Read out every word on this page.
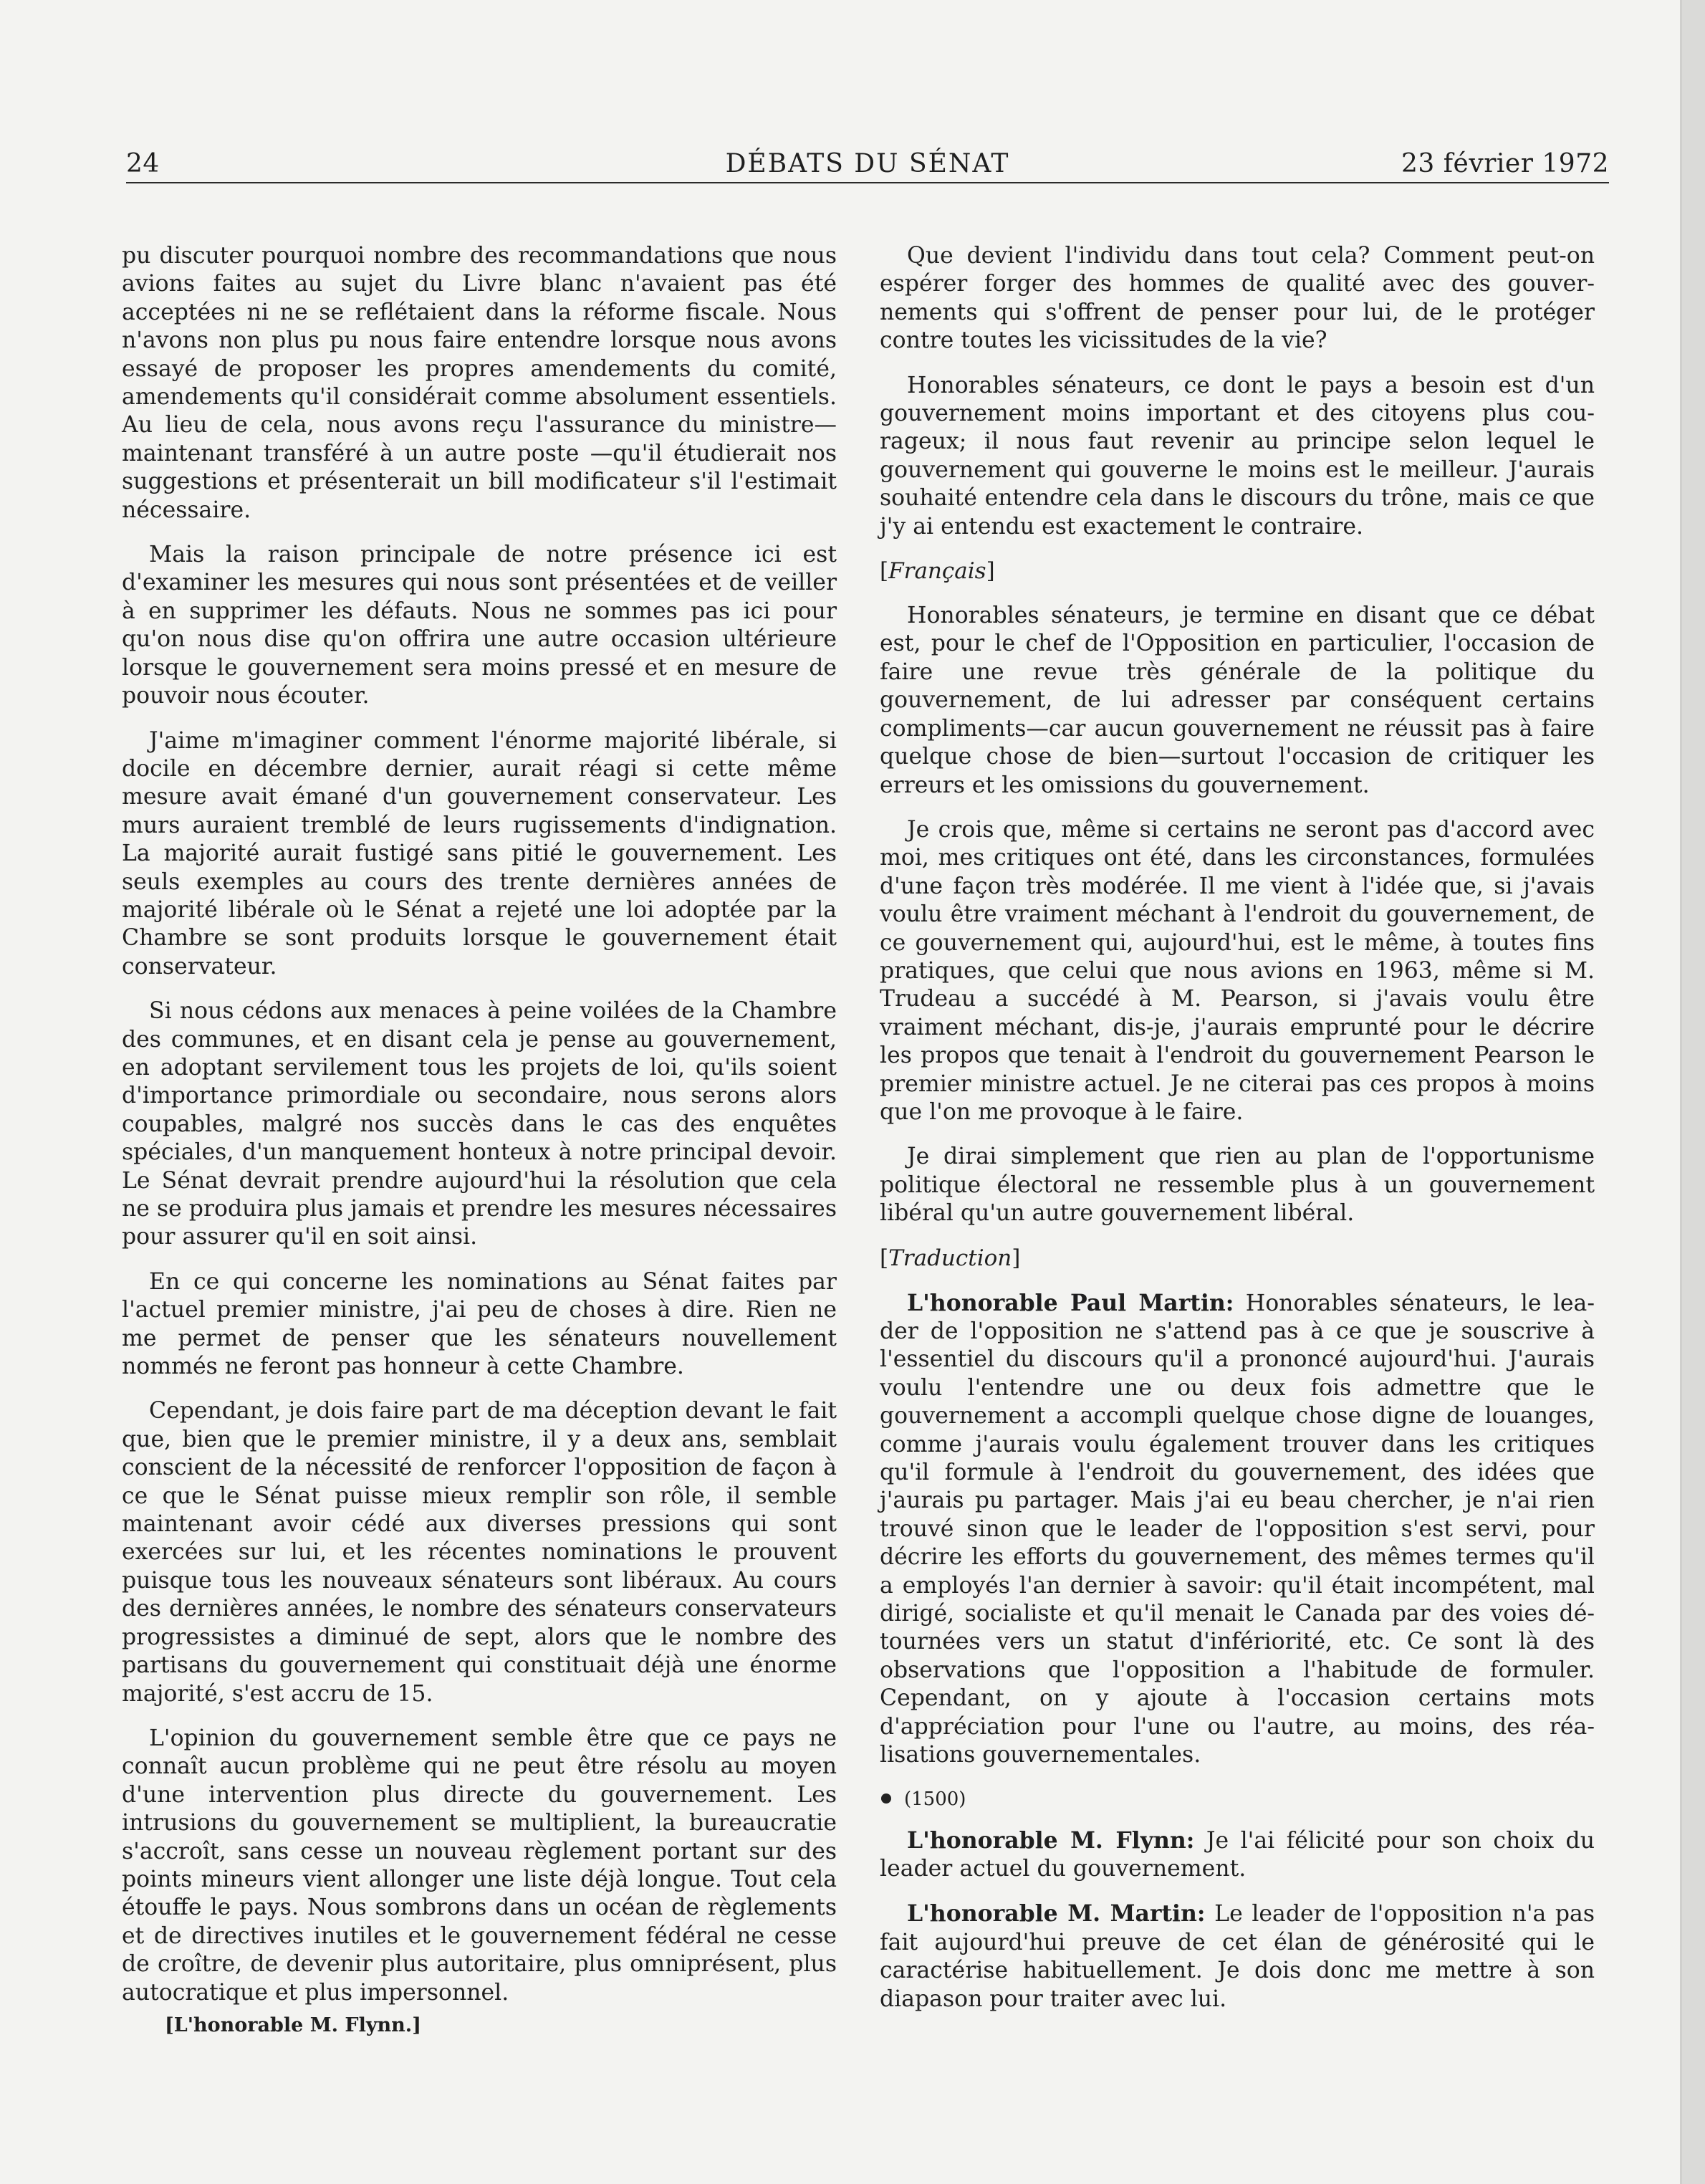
24	DÉBATS DU SÉNAT	23 février 1972

pu discuter pourquoi nombre des recommandations que nous avions faites au sujet du Livre blanc n'avaient pas été acceptées ni ne se reflétaient dans la réforme fiscale. Nous n'avons non plus pu nous faire entendre lorsque nous avons essayé de proposer les propres amendements du comité, amendements qu'il considérait comme absolument essentiels. Au lieu de cela, nous avons reçu l'assurance du ministre—maintenant transféré à un autre poste —qu'il étudierait nos suggestions et présenterait un bill modificateur s'il l'estimait nécessaire.

Mais la raison principale de notre présence ici est d'examiner les mesures qui nous sont présentées et de veiller à en supprimer les défauts. Nous ne sommes pas ici pour qu'on nous dise qu'on offrira une autre occasion ultérieure lorsque le gouvernement sera moins pressé et en mesure de pouvoir nous écouter.

J'aime m'imaginer comment l'énorme majorité libérale, si docile en décembre dernier, aurait réagi si cette même mesure avait émané d'un gouvernement conservateur. Les murs auraient tremblé de leurs rugissements d'indignation. La majorité aurait fustigé sans pitié le gouvernement. Les seuls exemples au cours des trente dernières années de majorité libérale où le Sénat a rejeté une loi adoptée par la Chambre se sont produits lorsque le gouvernement était conservateur.

Si nous cédons aux menaces à peine voilées de la Chambre des communes, et en disant cela je pense au gouvernement, en adoptant servilement tous les projets de loi, qu'ils soient d'importance primordiale ou secondaire, nous serons alors coupables, malgré nos succès dans le cas des enquêtes spéciales, d'un manquement honteux à notre principal devoir. Le Sénat devrait prendre aujourd'hui la résolution que cela ne se produira plus jamais et prendre les mesures nécessaires pour assurer qu'il en soit ainsi.

En ce qui concerne les nominations au Sénat faites par l'actuel premier ministre, j'ai peu de choses à dire. Rien ne me permet de penser que les sénateurs nouvellement nommés ne feront pas honneur à cette Chambre.

Cependant, je dois faire part de ma déception devant le fait que, bien que le premier ministre, il y a deux ans, semblait conscient de la nécessité de renforcer l'opposition de façon à ce que le Sénat puisse mieux remplir son rôle, il semble maintenant avoir cédé aux diverses pressions qui sont exercées sur lui, et les récentes nominations le prouvent puisque tous les nouveaux sénateurs sont libéraux. Au cours des dernières années, le nombre des sénateurs conservateurs progressistes a diminué de sept, alors que le nombre des partisans du gouvernement qui constituait déjà une énorme majorité, s'est accru de 15.

L'opinion du gouvernement semble être que ce pays ne connaît aucun problème qui ne peut être résolu au moyen d'une intervention plus directe du gouvernement. Les intrusions du gouvernement se multiplient, la bureaucratie s'accroît, sans cesse un nouveau règlement portant sur des points mineurs vient allonger une liste déjà longue. Tout cela étouffe le pays. Nous sombrons dans un océan de règlements et de directives inutiles et le gouvernement fédéral ne cesse de croître, de devenir plus autoritaire, plus omniprésent, plus autocratique et plus impersonnel.

[L'honorable M. Flynn.]

Que devient l'individu dans tout cela? Comment peut-on espérer forger des hommes de qualité avec des gouvernements qui s'offrent de penser pour lui, de le protéger contre toutes les vicissitudes de la vie?

Honorables sénateurs, ce dont le pays a besoin est d'un gouvernement moins important et des citoyens plus courageux; il nous faut revenir au principe selon lequel le gouvernement qui gouverne le moins est le meilleur. J'aurais souhaité entendre cela dans le discours du trône, mais ce que j'y ai entendu est exactement le contraire.

[Français]

Honorables sénateurs, je termine en disant que ce débat est, pour le chef de l'Opposition en particulier, l'occasion de faire une revue très générale de la politique du gouvernement, de lui adresser par conséquent certains compliments—car aucun gouvernement ne réussit pas à faire quelque chose de bien—surtout l'occasion de critiquer les erreurs et les omissions du gouvernement.

Je crois que, même si certains ne seront pas d'accord avec moi, mes critiques ont été, dans les circonstances, formulées d'une façon très modérée. Il me vient à l'idée que, si j'avais voulu être vraiment méchant à l'endroit du gouvernement, de ce gouvernement qui, aujourd'hui, est le même, à toutes fins pratiques, que celui que nous avions en 1963, même si M. Trudeau a succédé à M. Pearson, si j'avais voulu être vraiment méchant, dis-je, j'aurais emprunté pour le décrire les propos que tenait à l'endroit du gouvernement Pearson le premier ministre actuel. Je ne citerai pas ces propos à moins que l'on me provoque à le faire.

Je dirai simplement que rien au plan de l'opportunisme politique électoral ne ressemble plus à un gouvernement libéral qu'un autre gouvernement libéral.

[Traduction]

L'honorable Paul Martin: Honorables sénateurs, le leader de l'opposition ne s'attend pas à ce que je souscrive à l'essentiel du discours qu'il a prononcé aujourd'hui. J'aurais voulu l'entendre une ou deux fois admettre que le gouvernement a accompli quelque chose digne de louanges, comme j'aurais voulu également trouver dans les critiques qu'il formule à l'endroit du gouvernement, des idées que j'aurais pu partager. Mais j'ai eu beau chercher, je n'ai rien trouvé sinon que le leader de l'opposition s'est servi, pour décrire les efforts du gouvernement, des mêmes termes qu'il a employés l'an dernier à savoir: qu'il était incompétent, mal dirigé, socialiste et qu'il menait le Canada par des voies détournées vers un statut d'infériorité, etc. Ce sont là des observations que l'opposition a l'habitude de formuler. Cependant, on y ajoute à l'occasion certains mots d'appréciation pour l'une ou l'autre, au moins, des réalisations gouvernementales.

(1500)

L'honorable M. Flynn: Je l'ai félicité pour son choix du leader actuel du gouvernement.

L'honorable M. Martin: Le leader de l'opposition n'a pas fait aujourd'hui preuve de cet élan de générosité qui le caractérise habituellement. Je dois donc me mettre à son diapason pour traiter avec lui.
